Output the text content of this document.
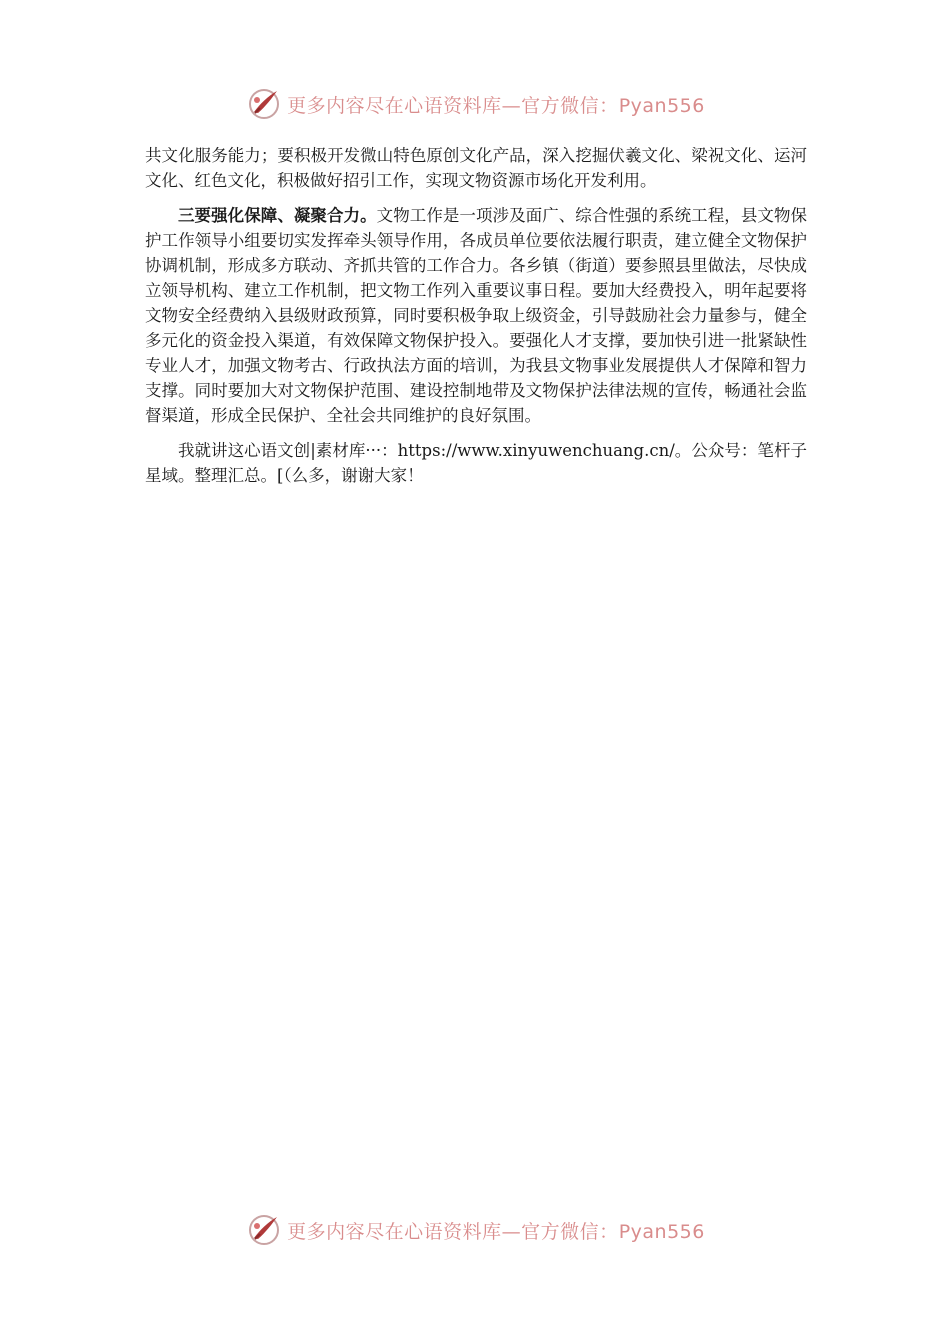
更多内容尽在心语资料库—官方微信：Pyan556

共文化服务能力；要积极开发微山特色原创文化产品，深入挖掘伏羲文化、梁祝文化、运河文化、红色文化，积极做好招引工作，实现文物资源市场化开发利用。

三要强化保障、凝聚合力。文物工作是一项涉及面广、综合性强的系统工程，县文物保护工作领导小组要切实发挥牵头领导作用，各成员单位要依法履行职责，建立健全文物保护协调机制，形成多方联动、齐抓共管的工作合力。各乡镇（街道）要参照县里做法，尽快成立领导机构、建立工作机制，把文物工作列入重要议事日程。要加大经费投入，明年起要将文物安全经费纳入县级财政预算，同时要积极争取上级资金，引导鼓励社会力量参与，健全多元化的资金投入渠道，有效保障文物保护投入。要强化人才支撑，要加快引进一批紧缺性专业人才，加强文物考古、行政执法方面的培训，为我县文物事业发展提供人才保障和智力支撑。同时要加大对文物保护范围、建设控制地带及文物保护法律法规的宣传，畅通社会监督渠道，形成全民保护、全社会共同维护的良好氛围。

我就讲这心语文创|素材库···：https://www.xinyuwenchuang.cn/。公众号：笔杆子星域。整理汇总。[（么多，谢谢大家！

更多内容尽在心语资料库—官方微信：Pyan556
